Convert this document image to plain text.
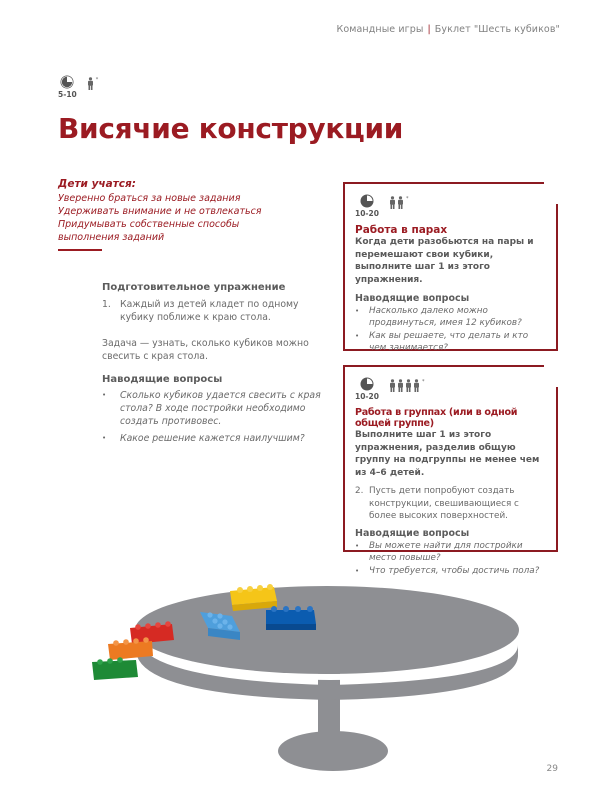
Командные игры | Буклет "Шесть кубиков"
5-10
*
Висячие конструкции
Дети учатся:
Уверенно браться за новые задания
Удерживать внимание и не отвлекаться
Придумывать собственные способы
выполнения заданий
Подготовительное упражнение
1. Каждый из детей кладет по одному кубику поближе к краю стола.
Задача — узнать, сколько кубиков можно свесить с края стола.
Наводящие вопросы
•	Сколько кубиков удается свесить с края стола? В ходе постройки необходимо создать противовес.
•	Какое решение кажется наилучшим?
10-20
*
Работа в парах
Когда дети разобьются на пары и перемешают свои кубики, выполните шаг 1 из этого упражнения.
Наводящие вопросы
•	Насколько далеко можно продвинуться, имея 12 кубиков?
•	Как вы решаете, что делать и кто чем занимается?
10-20
*
Работа в группах (или в одной общей группе)
Выполните шаг 1 из этого упражнения, разделив общую группу на подгруппы не менее чем из 4–6 детей.
2. Пусть дети попробуют создать конструкции, свешивающиеся с более высоких поверхностей.
Наводящие вопросы
•	Вы можете найти для постройки место повыше?
•	Что требуется, чтобы достичь пола?
29
